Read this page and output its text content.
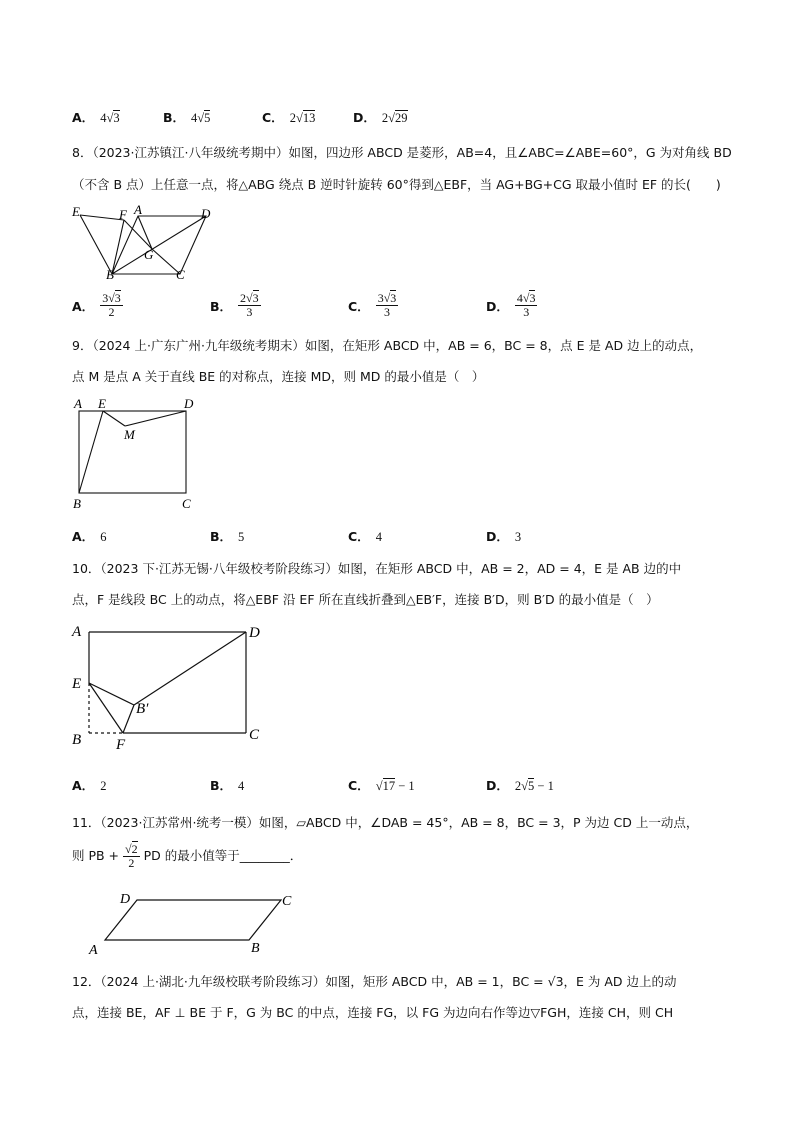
A． 4√3	B． 4√5	C． 2√13	D． 2√29
8．（2023·江苏镇江·八年级统考期中）如图，四边形 ABCD 是菱形，AB=4，且∠ABC=∠ABE=60°，G 为对角线 BD
（不含 B 点）上任意一点，将△ABG 绕点 B 逆时针旋转 60°得到△EBF，当 AG+BG+CG 取最小值时 EF 的长(　　)
E	F A	D
G
B	C
A． $\frac{3√3}{2}$	B． $\frac{2√3}{3}$	C． $\frac{3√3}{3}$	D． $\frac{4√3}{3}$
9．（2024 上·广东广州·九年级统考期末）如图，在矩形 ABCD 中，AB = 6，BC = 8，点 E 是 AD 边上的动点，
点 M 是点 A 关于直线 BE 的对称点，连接 MD，则 MD 的最小值是（　）
A E	D
M
B	C
A． 6	B． 5	C． 4	D． 3
10．（2023 下·江苏无锡·八年级校考阶段练习）如图，在矩形 ABCD 中，AB = 2，AD = 4，E 是 AB 边的中
点，F 是线段 BC 上的动点，将△EBF 沿 EF 所在直线折叠到△EB′F，连接 B′D，则 B′D 的最小值是（　）
A	D
E
B′
B F
C
A． 2	B． 4	C． √17 − 1	D． 2√5 − 1
11．（2023·江苏常州·统考一模）如图，▱ABCD 中，∠DAB = 45°，AB = 8，BC = 3，P 为边 CD 上一动点，
则 PB + $\frac{√2}{2}$ PD 的最小值等于________．
D	C
A	B
12．（2024 上·湖北·九年级校联考阶段练习）如图，矩形 ABCD 中，AB = 1，BC = √3，E 为 AD 边上的动
点，连接 BE，AF ⊥ BE 于 F，G 为 BC 的中点，连接 FG，以 FG 为边向右作等边▽FGH，连接 CH，则 CH
